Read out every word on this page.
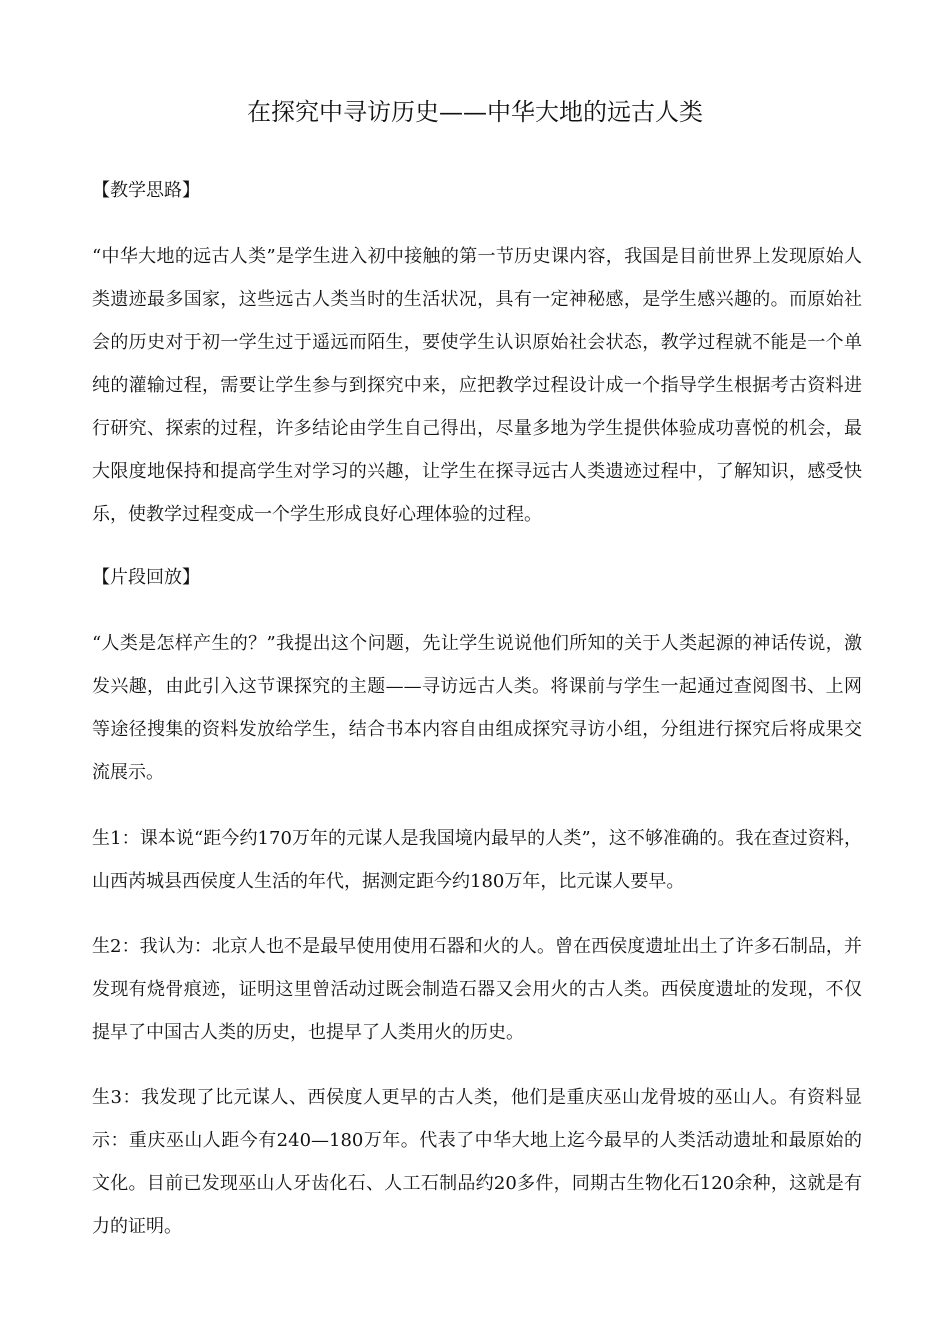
在探究中寻访历史——中华大地的远古人类

【教学思路】

“中华大地的远古人类”是学生进入初中接触的第一节历史课内容，我国是目前世界上发现原始人类遗迹最多国家，这些远古人类当时的生活状况，具有一定神秘感，是学生感兴趣的。而原始社会的历史对于初一学生过于遥远而陌生，要使学生认识原始社会状态，教学过程就不能是一个单纯的灌输过程，需要让学生参与到探究中来，应把教学过程设计成一个指导学生根据考古资料进行研究、探索的过程，许多结论由学生自己得出，尽量多地为学生提供体验成功喜悦的机会，最大限度地保持和提高学生对学习的兴趣，让学生在探寻远古人类遗迹过程中，了解知识，感受快乐，使教学过程变成一个学生形成良好心理体验的过程。

【片段回放】

“人类是怎样产生的？”我提出这个问题，先让学生说说他们所知的关于人类起源的神话传说，激发兴趣，由此引入这节课探究的主题——寻访远古人类。将课前与学生一起通过查阅图书、上网等途径搜集的资料发放给学生，结合书本内容自由组成探究寻访小组，分组进行探究后将成果交流展示。

生1：课本说“距今约170万年的元谋人是我国境内最早的人类”，这不够准确的。我在查过资料，山西芮城县西侯度人生活的年代，据测定距今约180万年，比元谋人要早。

生2：我认为：北京人也不是最早使用使用石器和火的人。曾在西侯度遗址出土了许多石制品，并发现有烧骨痕迹，证明这里曾活动过既会制造石器又会用火的古人类。西侯度遗址的发现，不仅提早了中国古人类的历史，也提早了人类用火的历史。

生3：我发现了比元谋人、西侯度人更早的古人类，他们是重庆巫山龙骨坡的巫山人。有资料显示：重庆巫山人距今有240—180万年。代表了中华大地上迄今最早的人类活动遗址和最原始的文化。目前已发现巫山人牙齿化石、人工石制品约20多件，同期古生物化石120余种，这就是有力的证明。
